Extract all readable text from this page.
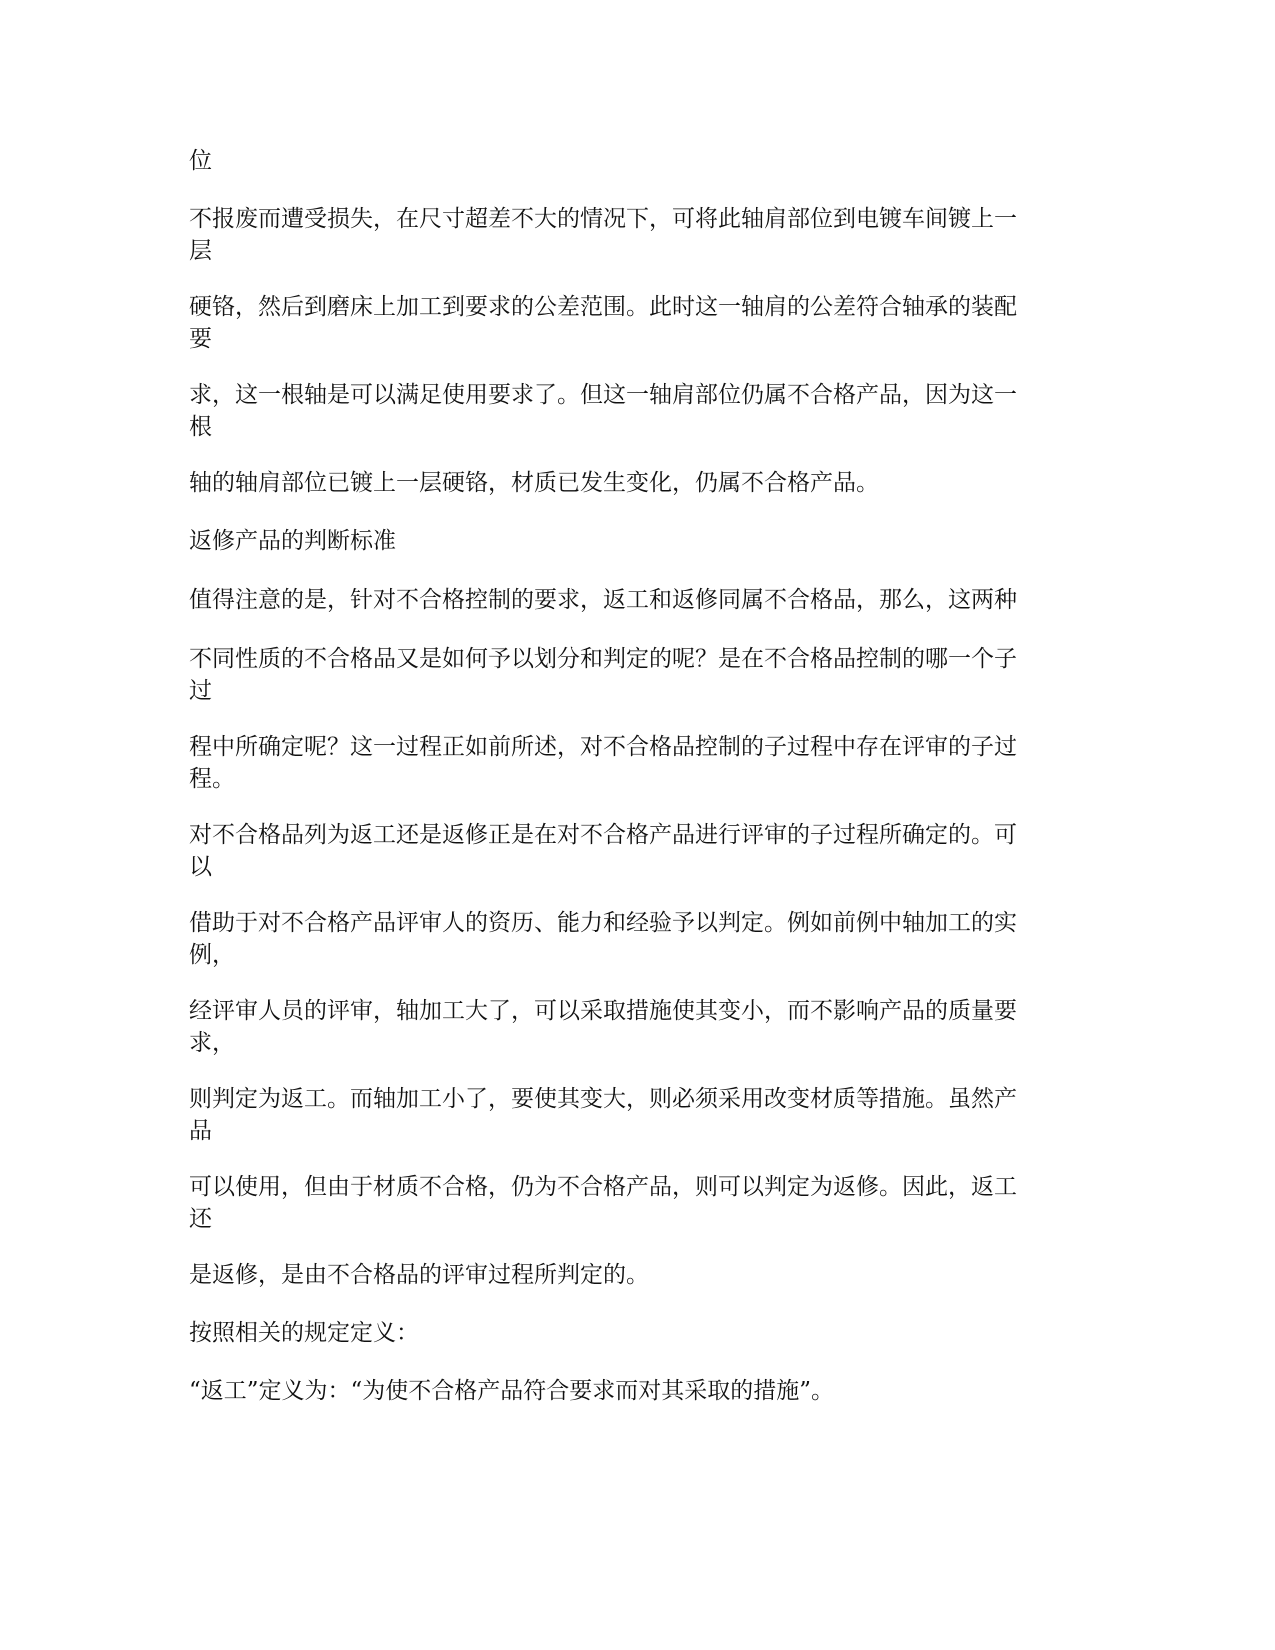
位

不报废而遭受损失，在尺寸超差不大的情况下，可将此轴肩部位到电镀车间镀上一
层

硬铬，然后到磨床上加工到要求的公差范围。此时这一轴肩的公差符合轴承的装配
要

求，这一根轴是可以满足使用要求了。但这一轴肩部位仍属不合格产品，因为这一
根

轴的轴肩部位已镀上一层硬铬，材质已发生变化，仍属不合格产品。

返修产品的判断标准

值得注意的是，针对不合格控制的要求，返工和返修同属不合格品，那么，这两种

不同性质的不合格品又是如何予以划分和判定的呢？是在不合格品控制的哪一个子
过

程中所确定呢？这一过程正如前所述，对不合格品控制的子过程中存在评审的子过
程。

对不合格品列为返工还是返修正是在对不合格产品进行评审的子过程所确定的。可
以

借助于对不合格产品评审人的资历、能力和经验予以判定。例如前例中轴加工的实
例，

经评审人员的评审，轴加工大了，可以采取措施使其变小，而不影响产品的质量要
求，

则判定为返工。而轴加工小了，要使其变大，则必须采用改变材质等措施。虽然产
品

可以使用，但由于材质不合格，仍为不合格产品，则可以判定为返修。因此，返工
还

是返修，是由不合格品的评审过程所判定的。

按照相关的规定定义：

“返工”定义为：“为使不合格产品符合要求而对其采取的措施”。
